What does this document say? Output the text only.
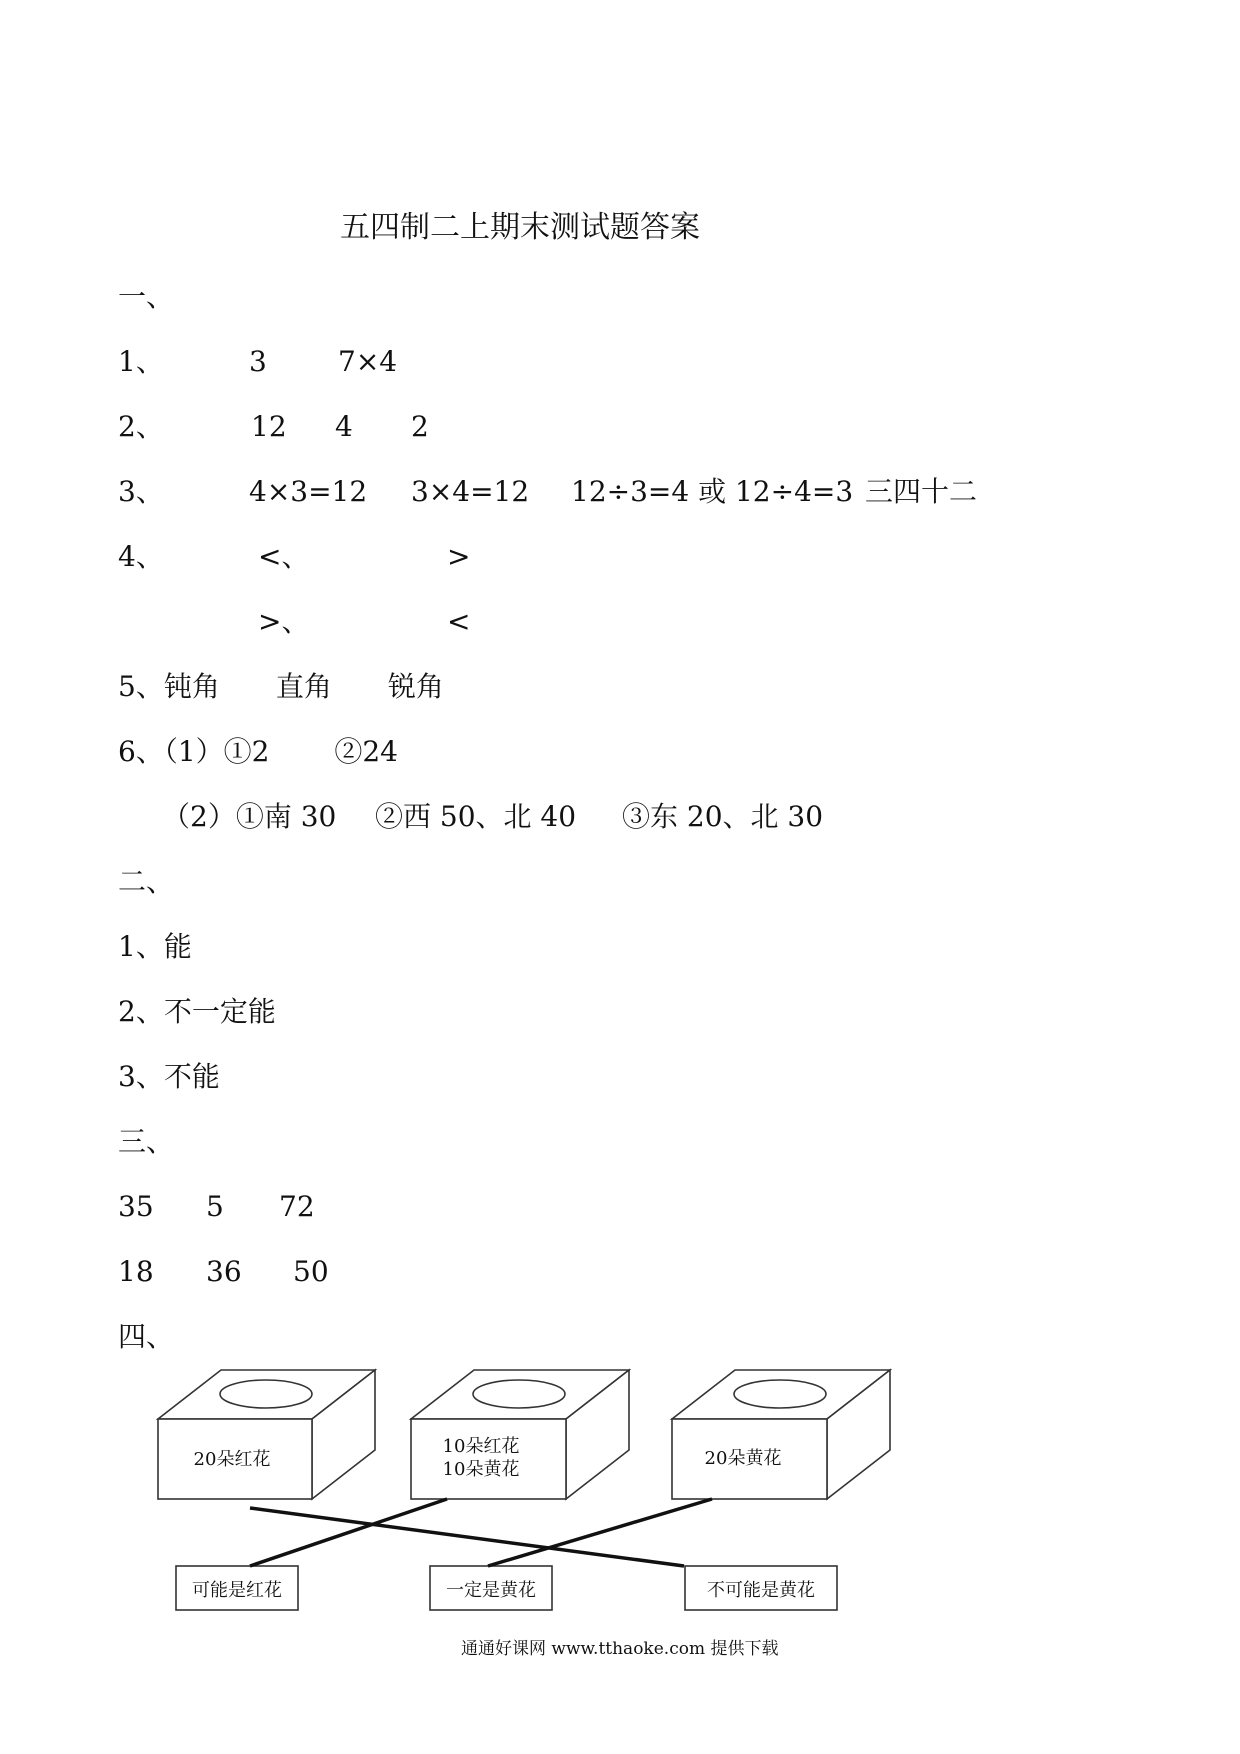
五四制二上期末测试题答案
一、
1、	3	7×4
2、	12 4 2
3、	4×3=12 3×4=12 12÷3=4 或 12÷4=3 三四十二
4、	<、	>
>、	<
5、钝角　　直角　　锐角
6、（1）①2　　 ②24
（2）①南 30 ②西 50、北 40 ③东 20、北 30
二、
1、能
2、不一定能
3、不能
三、
35 5 72
18 36 50
四、
20朵红花
10朵红花
10朵黄花
20朵黄花
可能是红花	一定是黄花	不可能是黄花
通通好课网 www.tthaoke.com 提供下载
